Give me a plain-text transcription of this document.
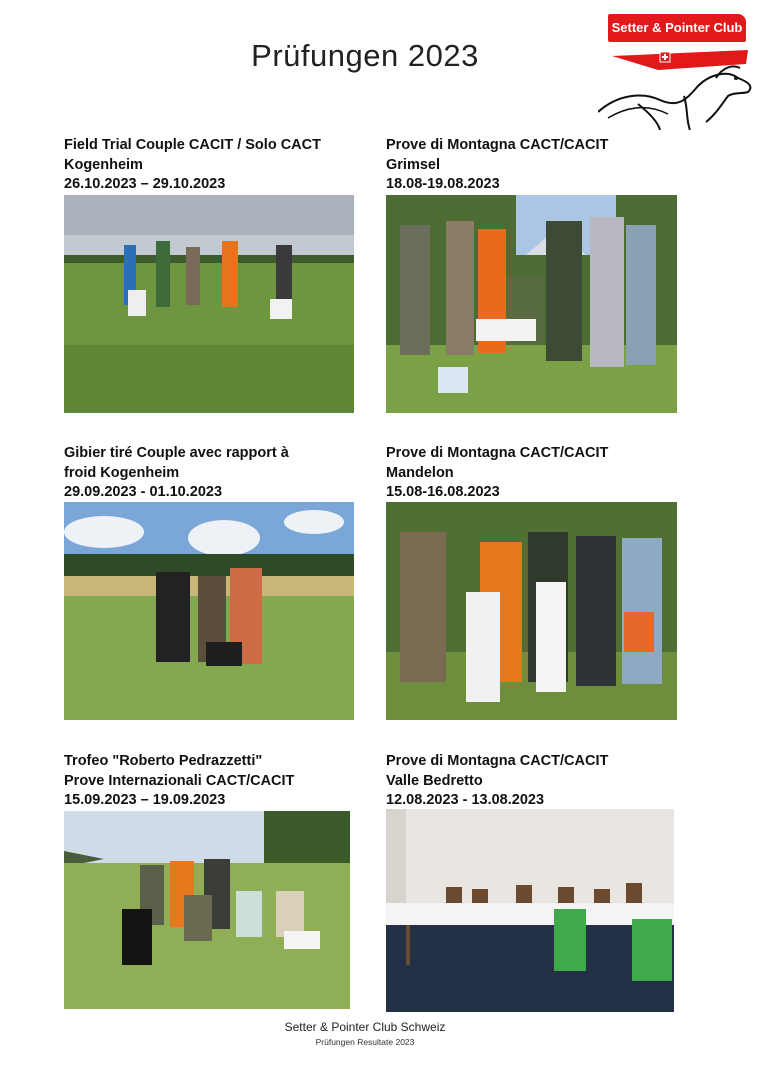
Prüfungen 2023
Setter & Pointer Club
Field Trial Couple CACIT / Solo CACT
Kogenheim
26.10.2023 – 29.10.2023
Prove di Montagna CACT/CACIT
Grimsel
18.08-19.08.2023
Gibier tiré Couple avec rapport à
froid Kogenheim
29.09.2023 - 01.10.2023
Prove di Montagna CACT/CACIT
Mandelon
15.08-16.08.2023
Trofeo "Roberto Pedrazzetti"
Prove Internazionali CACT/CACIT
15.09.2023 – 19.09.2023
Prove di Montagna CACT/CACIT
Valle Bedretto
12.08.2023 - 13.08.2023
Setter & Pointer Club Schweiz
Prüfungen Resultate 2023
